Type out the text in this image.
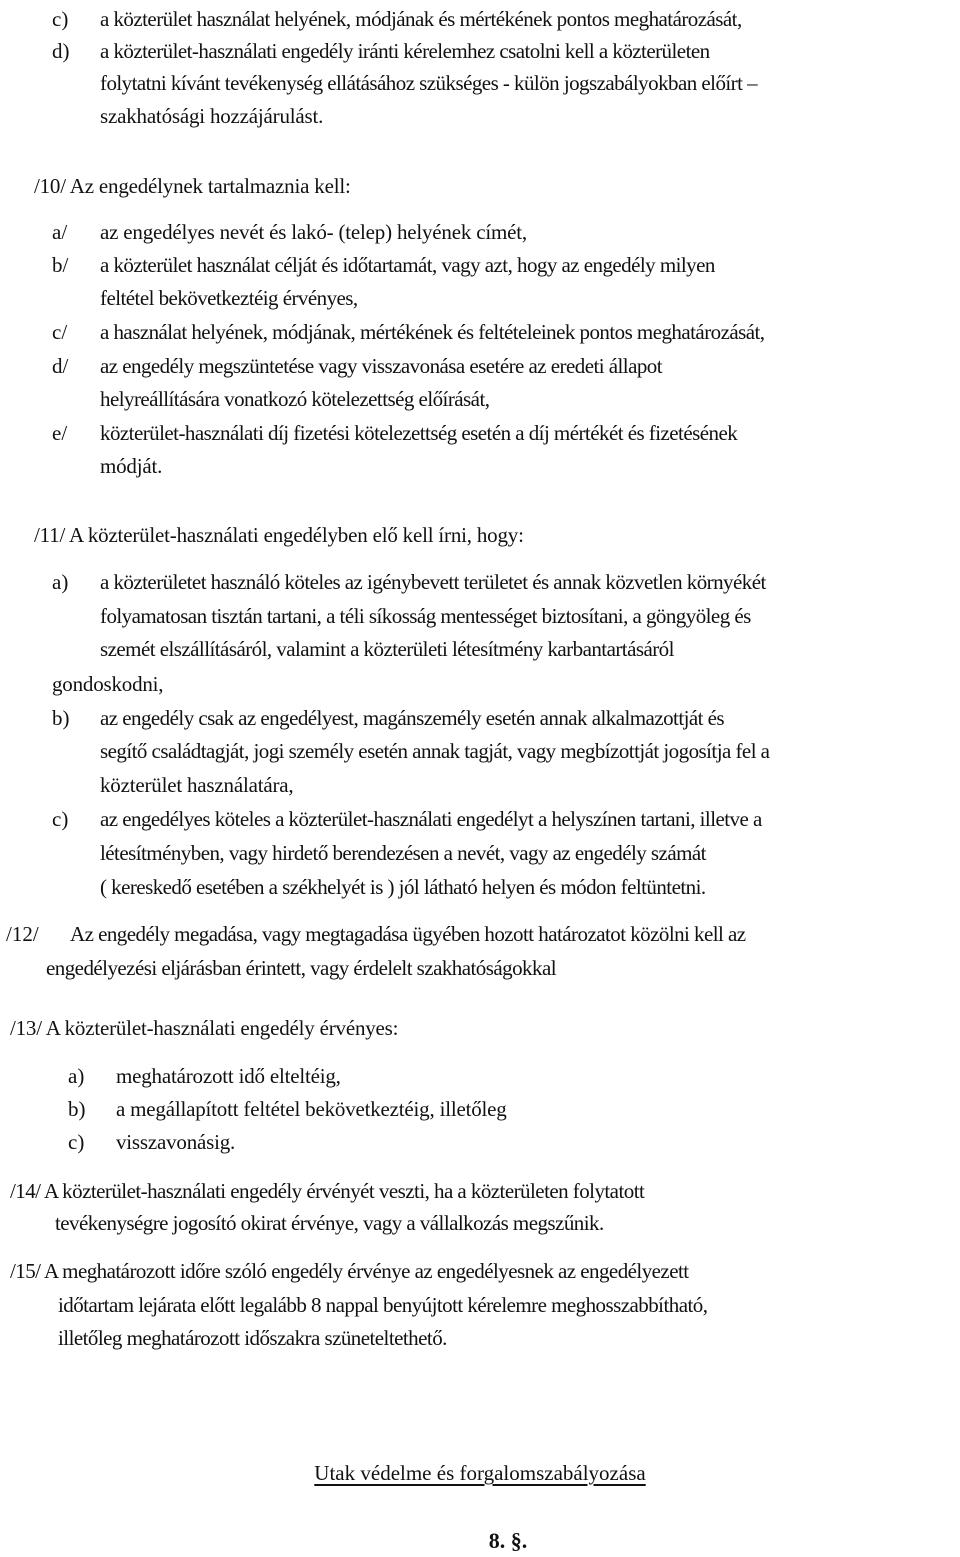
c) a közterület használat helyének, módjának és mértékének pontos meghatározását,
d) a közterület-használati engedély iránti kérelemhez csatolni kell a közterületen
folytatni kívánt tevékenység ellátásához szükséges - külön jogszabályokban előírt –
szakhatósági hozzájárulást.
/10/ Az engedélynek tartalmaznia kell:
a/ az engedélyes nevét és lakó- (telep) helyének címét,
b/ a közterület használat célját és időtartamát, vagy azt, hogy az engedély milyen
feltétel bekövetkeztéig érvényes,
c/ a használat helyének, módjának, mértékének és feltételeinek pontos meghatározását,
d/ az engedély megszüntetése vagy visszavonása esetére az eredeti állapot
helyreállítására vonatkozó kötelezettség előírását,
e/ közterület-használati díj fizetési kötelezettség esetén a díj mértékét és fizetésének
módját.
/11/ A közterület-használati engedélyben elő kell írni, hogy:
a) a közterületet használó köteles az igénybevett területet és annak közvetlen környékét
folyamatosan tisztán tartani, a téli síkosság mentességet biztosítani, a göngyöleg és
szemét elszállításáról, valamint a közterületi létesítmény karbantartásáról
gondoskodni,
b) az engedély csak az engedélyest, magánszemély esetén annak alkalmazottját és
segítő családtagját, jogi személy esetén annak tagját, vagy megbízottját jogosítja fel a
közterület használatára,
c) az engedélyes köteles a közterület-használati engedélyt a helyszínen tartani, illetve a
létesítményben, vagy hirdető berendezésen a nevét, vagy az engedély számát
( kereskedő esetében a székhelyét is ) jól látható helyen és módon feltüntetni.
/12/ Az engedély megadása, vagy megtagadása ügyében hozott határozatot közölni kell az
engedélyezési eljárásban érintett, vagy érdelelt szakhatóságokkal
/13/ A közterület-használati engedély érvényes:
a) meghatározott idő elteltéig,
b) a megállapított feltétel bekövetkeztéig, illetőleg
c) visszavonásig.
/14/ A közterület-használati engedély érvényét veszti, ha a közterületen folytatott
tevékenységre jogosító okirat érvénye, vagy a vállalkozás megszűnik.
/15/ A meghatározott időre szóló engedély érvénye az engedélyesnek az engedélyezett
időtartam lejárata előtt legalább 8 nappal benyújtott kérelemre meghosszabbítható,
illetőleg meghatározott időszakra szüneteltethető.
Utak védelme és forgalomszabályozása
8. §.
